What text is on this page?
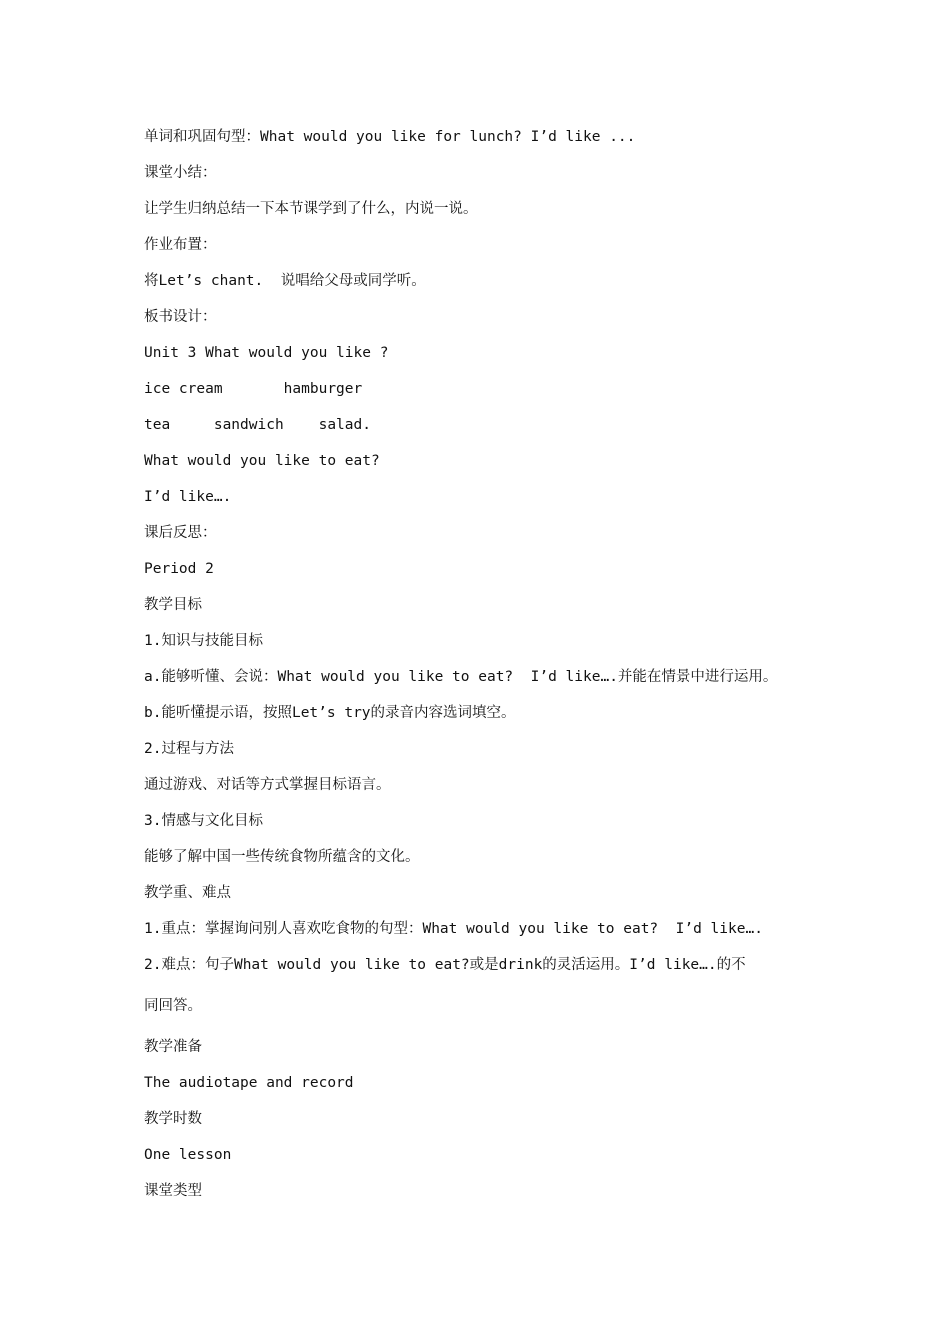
单词和巩固句型：What would you like for lunch? I’d like ...
课堂小结：
让学生归纳总结一下本节课学到了什么，内说一说。
作业布置：
将Let’s chant.  说唱给父母或同学听。
板书设计：
Unit 3 What would you like ?
ice cream       hamburger
tea     sandwich    salad.
What would you like to eat?
I’d like….
课后反思：
Period 2
教学目标
1.知识与技能目标
a.能够听懂、会说：What would you like to eat?  I’d like….并能在情景中进行运用。
b.能听懂提示语，按照Let’s try的录音内容选词填空。
2.过程与方法
通过游戏、对话等方式掌握目标语言。
3.情感与文化目标
能够了解中国一些传统食物所蕴含的文化。
教学重、难点
1.重点：掌握询问别人喜欢吃食物的句型：What would you like to eat?  I’d like….
2.难点：句子What would you like to eat?或是drink的灵活运用。I’d like….的不
同回答。
教学准备
The audiotape and record
教学时数
One lesson
课堂类型
